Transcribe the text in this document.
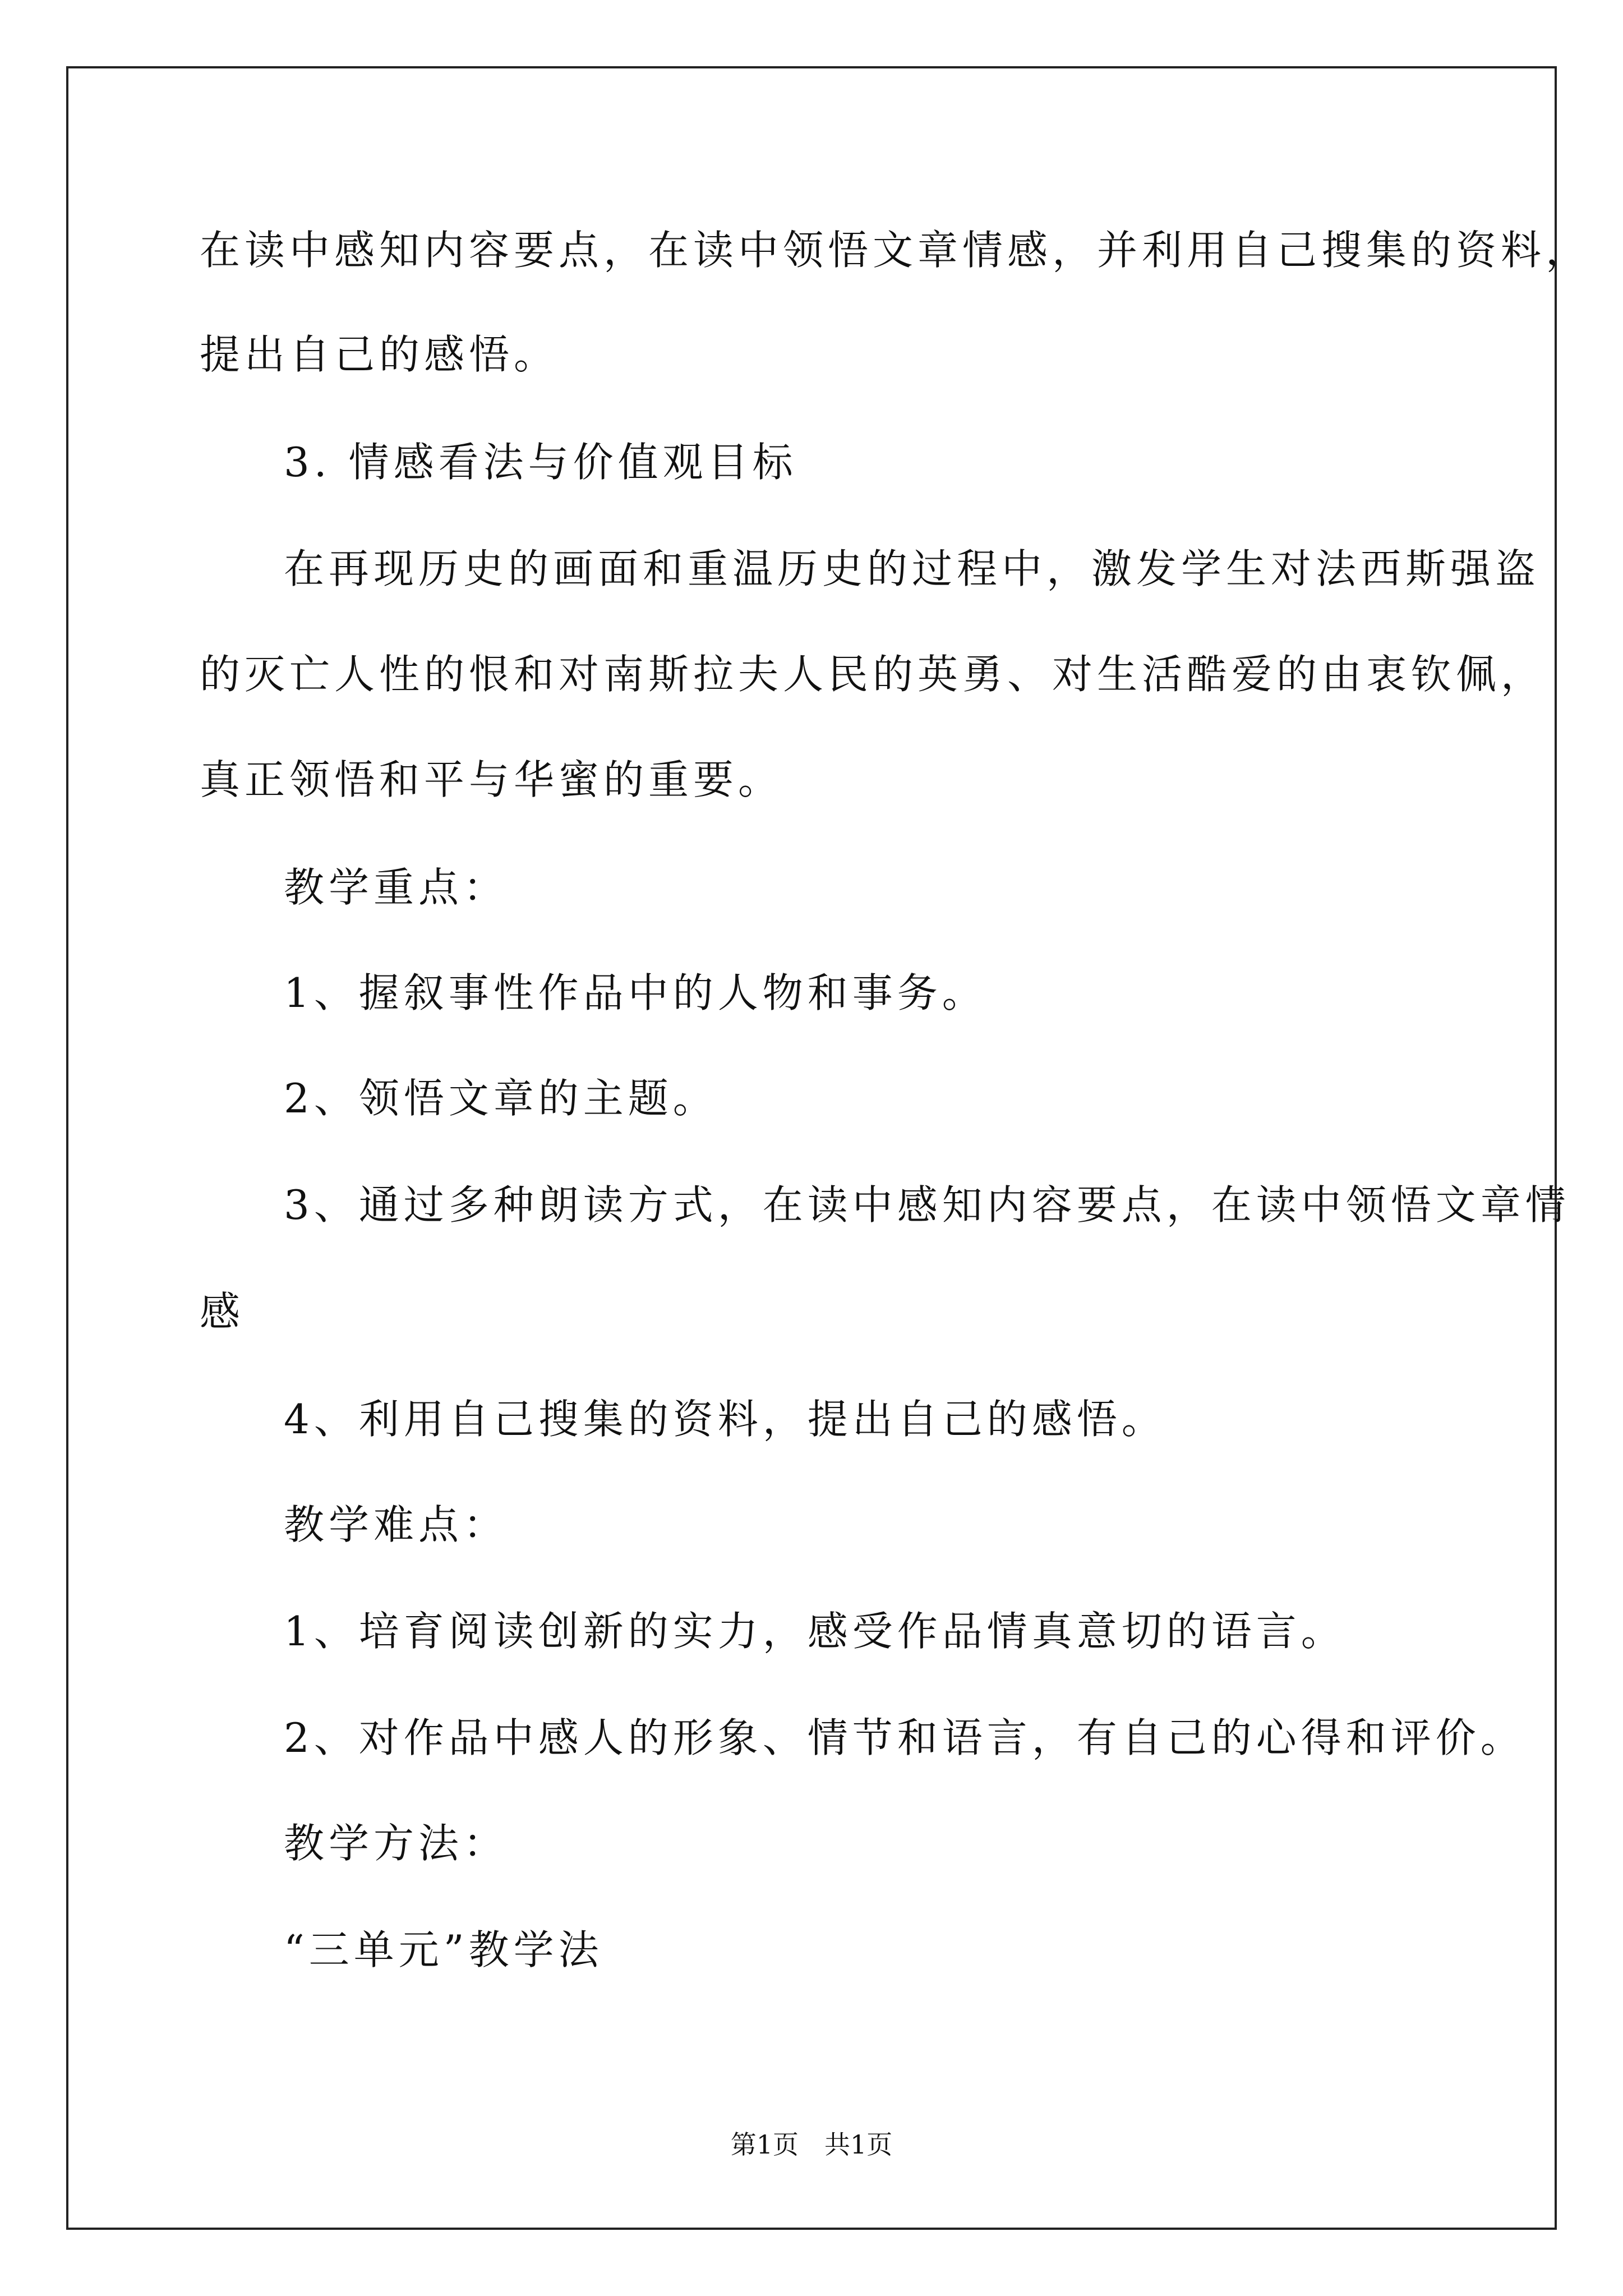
在读中感知内容要点，在读中领悟文章情感，并利用自己搜集的资料，
提出自己的感悟。
3. 情感看法与价值观目标
在再现历史的画面和重温历史的过程中，激发学生对法西斯强盗
的灭亡人性的恨和对南斯拉夫人民的英勇、对生活酷爱的由衷钦佩，
真正领悟和平与华蜜的重要。
教学重点：
1、握叙事性作品中的人物和事务。
2、领悟文章的主题。
3、通过多种朗读方式，在读中感知内容要点，在读中领悟文章情
感
4、利用自己搜集的资料，提出自己的感悟。
教学难点：
1、培育阅读创新的实力，感受作品情真意切的语言。
2、对作品中感人的形象、情节和语言，有自己的心得和评价。
教学方法：
“三单元”教学法
第1页　共1页
